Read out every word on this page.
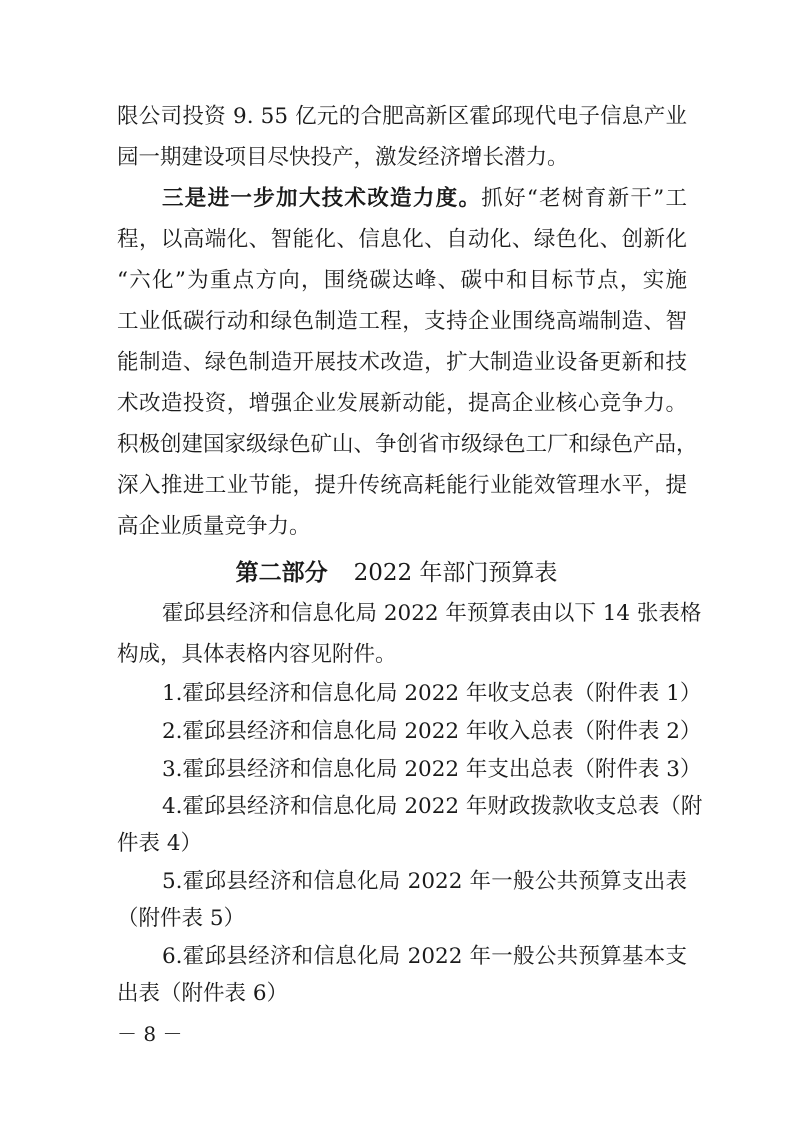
限公司投资 9. 55 亿元的合肥高新区霍邱现代电子信息产业
园一期建设项目尽快投产，激发经济增长潜力。
三是进一步加大技术改造力度。抓好“老树育新干”工
程，以高端化、智能化、信息化、自动化、绿色化、创新化
“六化”为重点方向，围绕碳达峰、碳中和目标节点，实施
工业低碳行动和绿色制造工程，支持企业围绕高端制造、智
能制造、绿色制造开展技术改造，扩大制造业设备更新和技
术改造投资，增强企业发展新动能，提高企业核心竞争力。
积极创建国家级绿色矿山、争创省市级绿色工厂和绿色产品，
深入推进工业节能，提升传统高耗能行业能效管理水平，提
高企业质量竞争力。
第二部分 2022 年部门预算表
霍邱县经济和信息化局 2022 年预算表由以下 14 张表格
构成，具体表格内容见附件。
1.霍邱县经济和信息化局 2022 年收支总表（附件表 1）
2.霍邱县经济和信息化局 2022 年收入总表（附件表 2）
3.霍邱县经济和信息化局 2022 年支出总表（附件表 3）
4.霍邱县经济和信息化局 2022 年财政拨款收支总表（附
件表 4）
5.霍邱县经济和信息化局 2022 年一般公共预算支出表
（附件表 5）
6.霍邱县经济和信息化局 2022 年一般公共预算基本支
出表（附件表 6）
－ 8 －
